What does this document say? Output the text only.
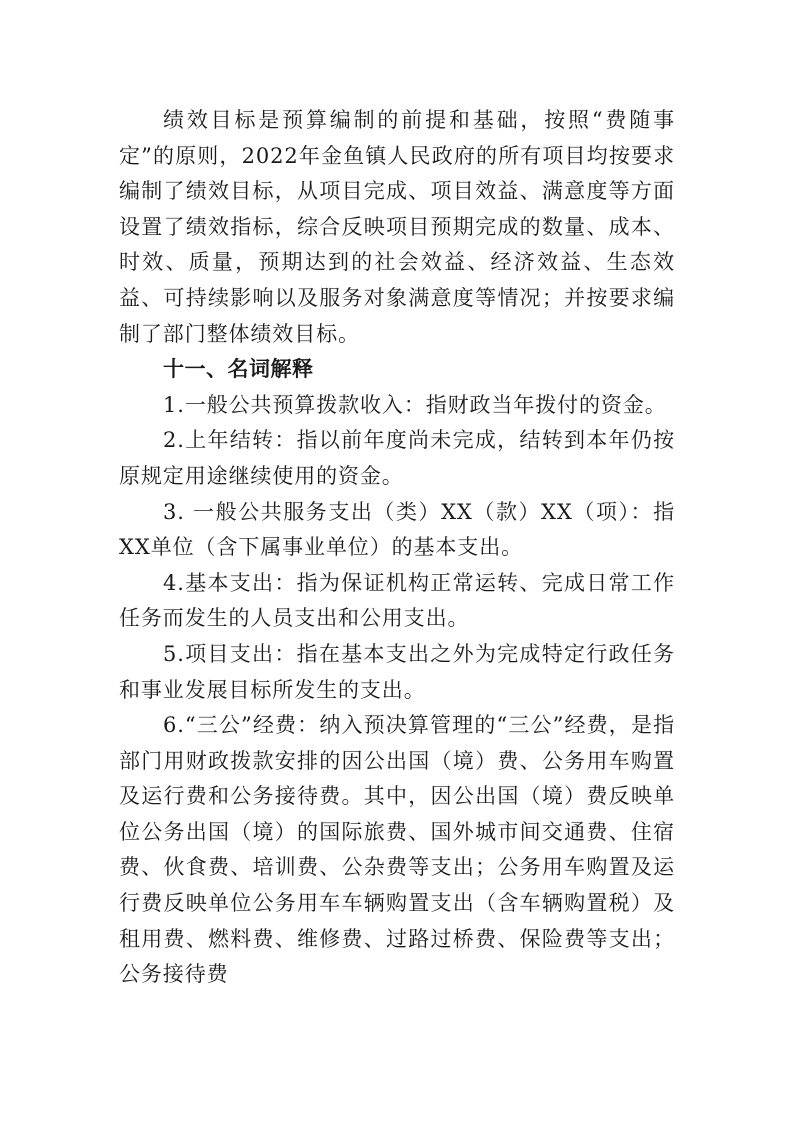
绩效目标是预算编制的前提和基础，按照“费随事定”的原则，2022年金鱼镇人民政府的所有项目均按要求编制了绩效目标，从项目完成、项目效益、满意度等方面设置了绩效指标，综合反映项目预期完成的数量、成本、时效、质量，预期达到的社会效益、经济效益、生态效益、可持续影响以及服务对象满意度等情况；并按要求编制了部门整体绩效目标。

十一、名词解释

1.一般公共预算拨款收入：指财政当年拨付的资金。

2.上年结转：指以前年度尚未完成，结转到本年仍按原规定用途继续使用的资金。

3. 一般公共服务支出（类）XX（款）XX（项）：指XX单位（含下属事业单位）的基本支出。

4.基本支出：指为保证机构正常运转、完成日常工作任务而发生的人员支出和公用支出。

5.项目支出：指在基本支出之外为完成特定行政任务和事业发展目标所发生的支出。

6.“三公”经费：纳入预决算管理的“三公”经费，是指部门用财政拨款安排的因公出国（境）费、公务用车购置及运行费和公务接待费。其中，因公出国（境）费反映单位公务出国（境）的国际旅费、国外城市间交通费、住宿费、伙食费、培训费、公杂费等支出；公务用车购置及运行费反映单位公务用车车辆购置支出（含车辆购置税）及租用费、燃料费、维修费、过路过桥费、保险费等支出；公务接待费
